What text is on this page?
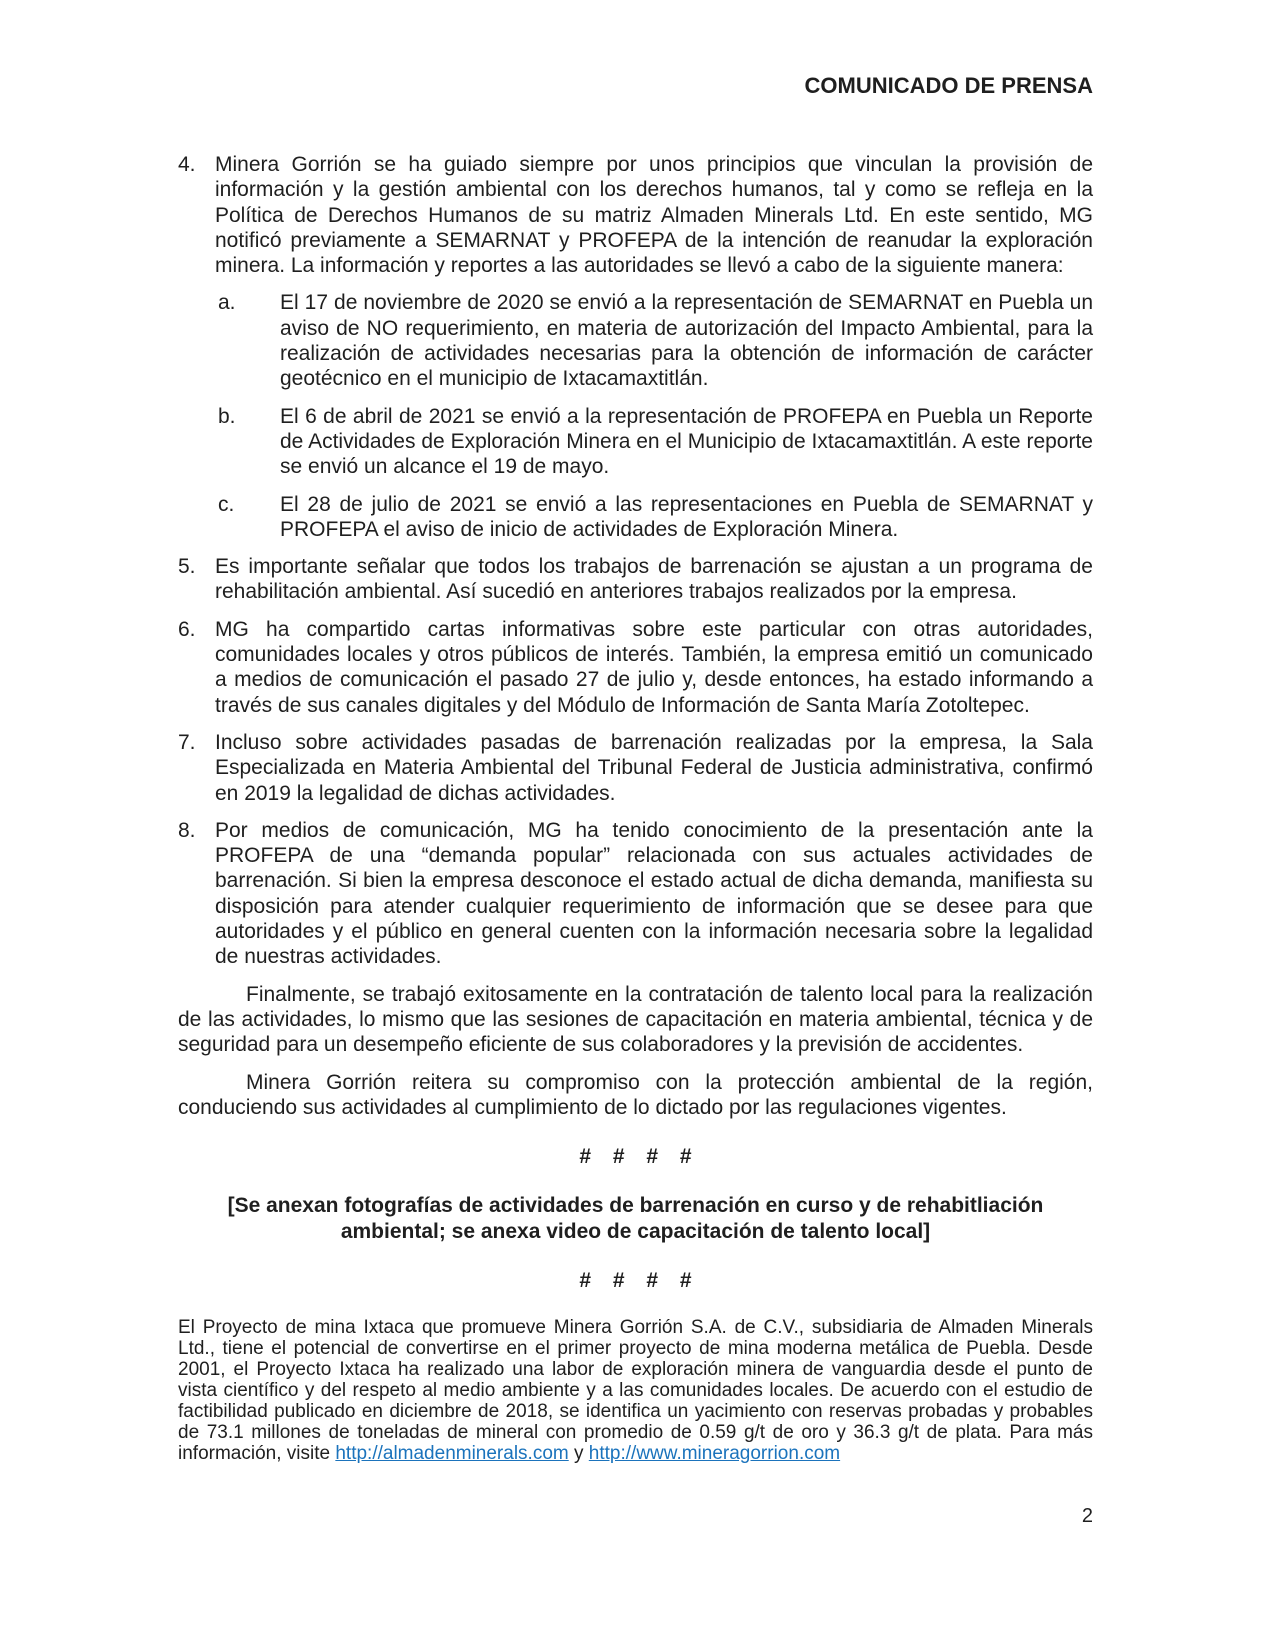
COMUNICADO DE PRENSA
4. Minera Gorrión se ha guiado siempre por unos principios que vinculan la provisión de información y la gestión ambiental con los derechos humanos, tal y como se refleja en la Política de Derechos Humanos de su matriz Almaden Minerals Ltd. En este sentido, MG notificó previamente a SEMARNAT y PROFEPA de la intención de reanudar la exploración minera. La información y reportes a las autoridades se llevó a cabo de la siguiente manera:
a.	El 17 de noviembre de 2020 se envió a la representación de SEMARNAT en Puebla un aviso de NO requerimiento, en materia de autorización del Impacto Ambiental, para la realización de actividades necesarias para la obtención de información de carácter geotécnico en el municipio de Ixtacamaxtitlán.
b.	El 6 de abril de 2021 se envió a la representación de PROFEPA en Puebla un Reporte de Actividades de Exploración Minera en el Municipio de Ixtacamaxtitlán. A este reporte se envió un alcance el 19 de mayo.
c.	El 28 de julio de 2021 se envió a las representaciones en Puebla de SEMARNAT y PROFEPA el aviso de inicio de actividades de Exploración Minera.
5. Es importante señalar que todos los trabajos de barrenación se ajustan a un programa de rehabilitación ambiental. Así sucedió en anteriores trabajos realizados por la empresa.
6. MG ha compartido cartas informativas sobre este particular con otras autoridades, comunidades locales y otros públicos de interés. También, la empresa emitió un comunicado a medios de comunicación el pasado 27 de julio y, desde entonces, ha estado informando a través de sus canales digitales y del Módulo de Información de Santa María Zotoltepec.
7. Incluso sobre actividades pasadas de barrenación realizadas por la empresa, la Sala Especializada en Materia Ambiental del Tribunal Federal de Justicia administrativa, confirmó en 2019 la legalidad de dichas actividades.
8. Por medios de comunicación, MG ha tenido conocimiento de la presentación ante la PROFEPA de una “demanda popular” relacionada con sus actuales actividades de barrenación. Si bien la empresa desconoce el estado actual de dicha demanda, manifiesta su disposición para atender cualquier requerimiento de información que se desee para que autoridades y el público en general cuenten con la información necesaria sobre la legalidad de nuestras actividades.

Finalmente, se trabajó exitosamente en la contratación de talento local para la realización de las actividades, lo mismo que las sesiones de capacitación en materia ambiental, técnica y de seguridad para un desempeño eficiente de sus colaboradores y la previsión de accidentes.

Minera Gorrión reitera su compromiso con la protección ambiental de la región, conduciendo sus actividades al cumplimiento de lo dictado por las regulaciones vigentes.

# # # #
[Se anexan fotografías de actividades de barrenación en curso y de rehabitliación ambiental; se anexa video de capacitación de talento local]
# # # #

El Proyecto de mina Ixtaca que promueve Minera Gorrión S.A. de C.V., subsidiaria de Almaden Minerals Ltd., tiene el potencial de convertirse en el primer proyecto de mina moderna metálica de Puebla. Desde 2001, el Proyecto Ixtaca ha realizado una labor de exploración minera de vanguardia desde el punto de vista científico y del respeto al medio ambiente y a las comunidades locales. De acuerdo con el estudio de factibilidad publicado en diciembre de 2018, se identifica un yacimiento con reservas probadas y probables de 73.1 millones de toneladas de mineral con promedio de 0.59 g/t de oro y 36.3 g/t de plata. Para más información, visite http://almadenminerals.com y http://www.mineragorrion.com

2
